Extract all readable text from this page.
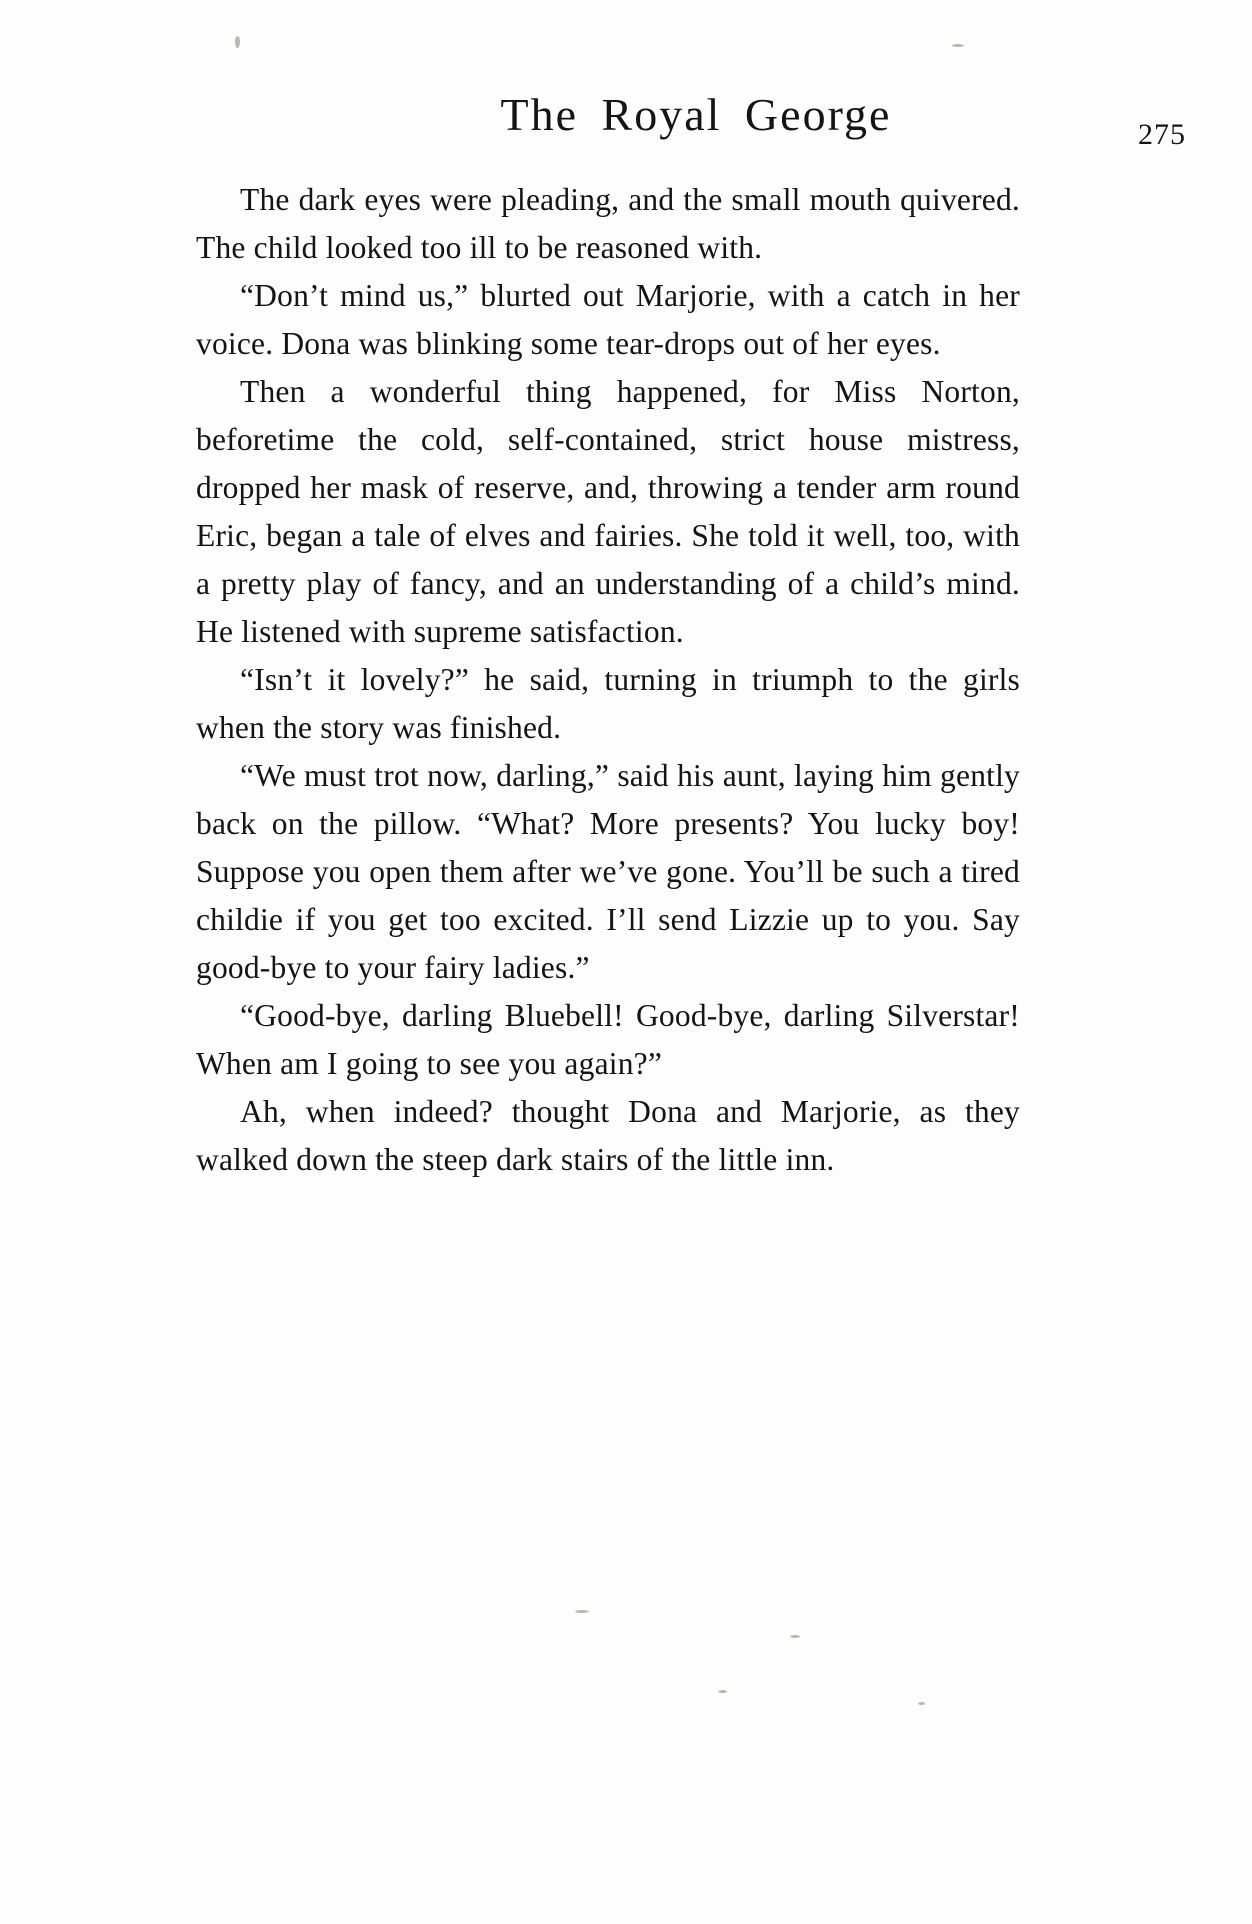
The Royal George	275

The dark eyes were pleading, and the small mouth quivered. The child looked too ill to be reasoned with.

“Don’t mind us,” blurted out Marjorie, with a catch in her voice. Dona was blinking some tear-drops out of her eyes.

Then a wonderful thing happened, for Miss Norton, beforetime the cold, self-contained, strict house mistress, dropped her mask of reserve, and, throwing a tender arm round Eric, began a tale of elves and fairies. She told it well, too, with a pretty play of fancy, and an understanding of a child’s mind. He listened with supreme satisfaction.

“Isn’t it lovely?” he said, turning in triumph to the girls when the story was finished.

“We must trot now, darling,” said his aunt, laying him gently back on the pillow. “What? More presents? You lucky boy! Suppose you open them after we’ve gone. You’ll be such a tired childie if you get too excited. I’ll send Lizzie up to you. Say good-bye to your fairy ladies.”

“Good-bye, darling Bluebell! Good-bye, darling Silverstar! When am I going to see you again?”

Ah, when indeed? thought Dona and Marjorie, as they walked down the steep dark stairs of the little inn.
